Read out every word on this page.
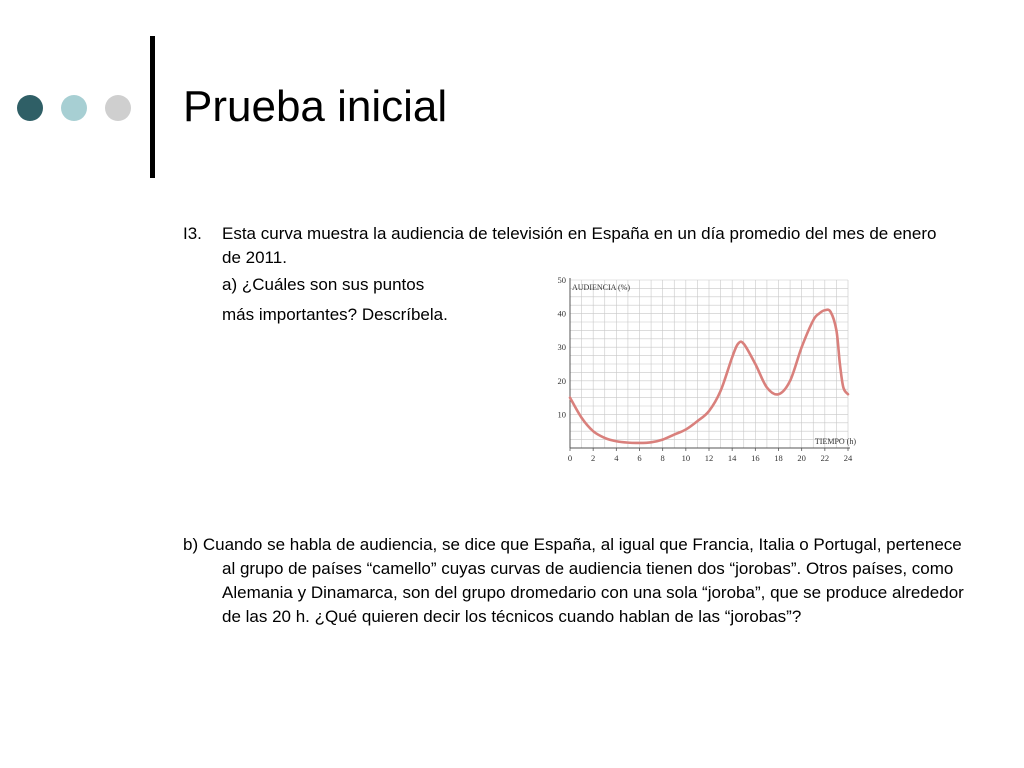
Prueba inicial

I3. Esta curva muestra la audiencia de televisión en España en un día promedio del mes de enero de 2011.

a) ¿Cuáles son sus puntos

más importantes? Descríbela.

0 2 4 6 8 10 12 14 16 18 20 22 24
10
20
30
40
50
AUDIENCIA (%)
TIEMPO (h)

b) Cuando se habla de audiencia, se dice que España, al igual que Francia, Italia o Portugal, pertenece al grupo de países “camello” cuyas curvas de audiencia tienen dos “jorobas”. Otros países, como Alemania y Dinamarca, son del grupo dromedario con una sola “joroba”, que se produce alrededor de las 20 h. ¿Qué quieren decir los técnicos cuando hablan de las “jorobas”?
